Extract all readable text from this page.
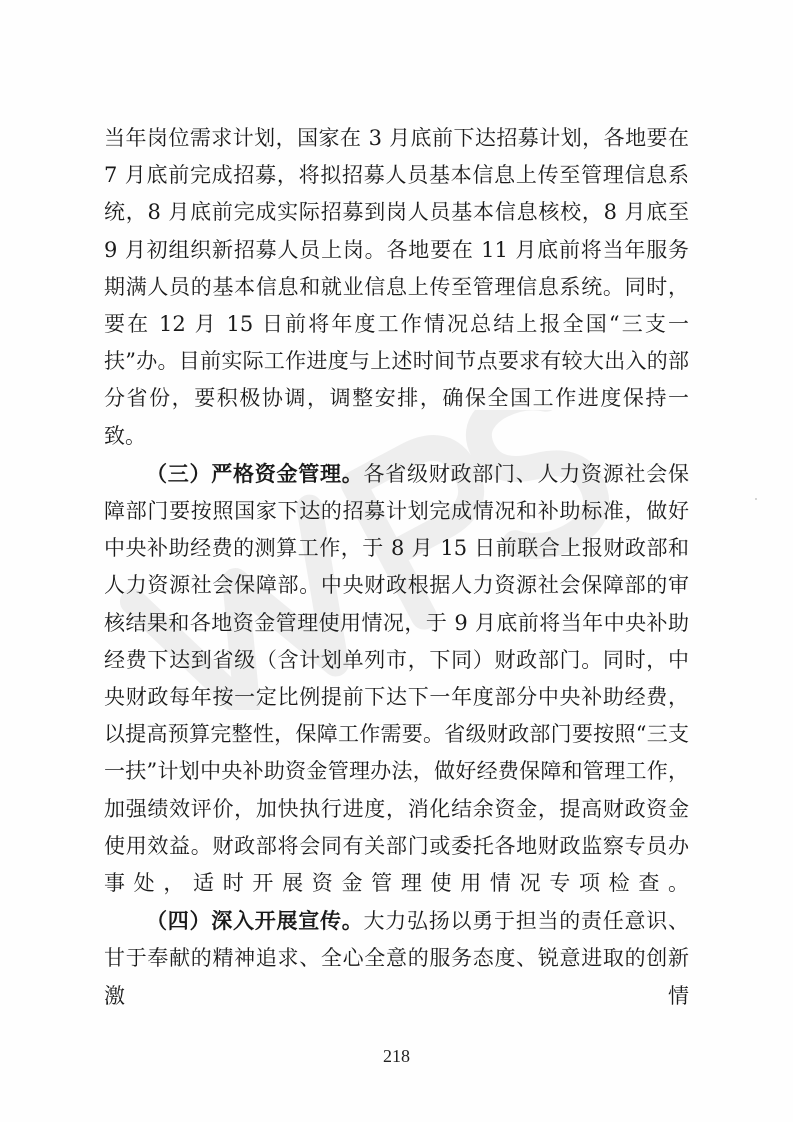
当年岗位需求计划，国家在 3 月底前下达招募计划，各地要在 7 月底前完成招募，将拟招募人员基本信息上传至管理信息系统，8 月底前完成实际招募到岗人员基本信息核校，8 月底至 9 月初组织新招募人员上岗。各地要在 11 月底前将当年服务期满人员的基本信息和就业信息上传至管理信息系统。同时，要在 12 月 15 日前将年度工作情况总结上报全国“三支一扶”办。目前实际工作进度与上述时间节点要求有较大出入的部分省份，要积极协调，调整安排，确保全国工作进度保持一致。

（三）严格资金管理。各省级财政部门、人力资源社会保障部门要按照国家下达的招募计划完成情况和补助标准，做好中央补助经费的测算工作，于 8 月 15 日前联合上报财政部和人力资源社会保障部。中央财政根据人力资源社会保障部的审核结果和各地资金管理使用情况，于 9 月底前将当年中央补助经费下达到省级（含计划单列市，下同）财政部门。同时，中央财政每年按一定比例提前下达下一年度部分中央补助经费，以提高预算完整性，保障工作需要。省级财政部门要按照“三支一扶”计划中央补助资金管理办法，做好经费保障和管理工作，加强绩效评价，加快执行进度，消化结余资金，提高财政资金使用效益。财政部将会同有关部门或委托各地财政监察专员办事处，适时开展资金管理使用情况专项检查。

（四）深入开展宣传。大力弘扬以勇于担当的责任意识、甘于奉献的精神追求、全心全意的服务态度、锐意进取的创新激情

218
